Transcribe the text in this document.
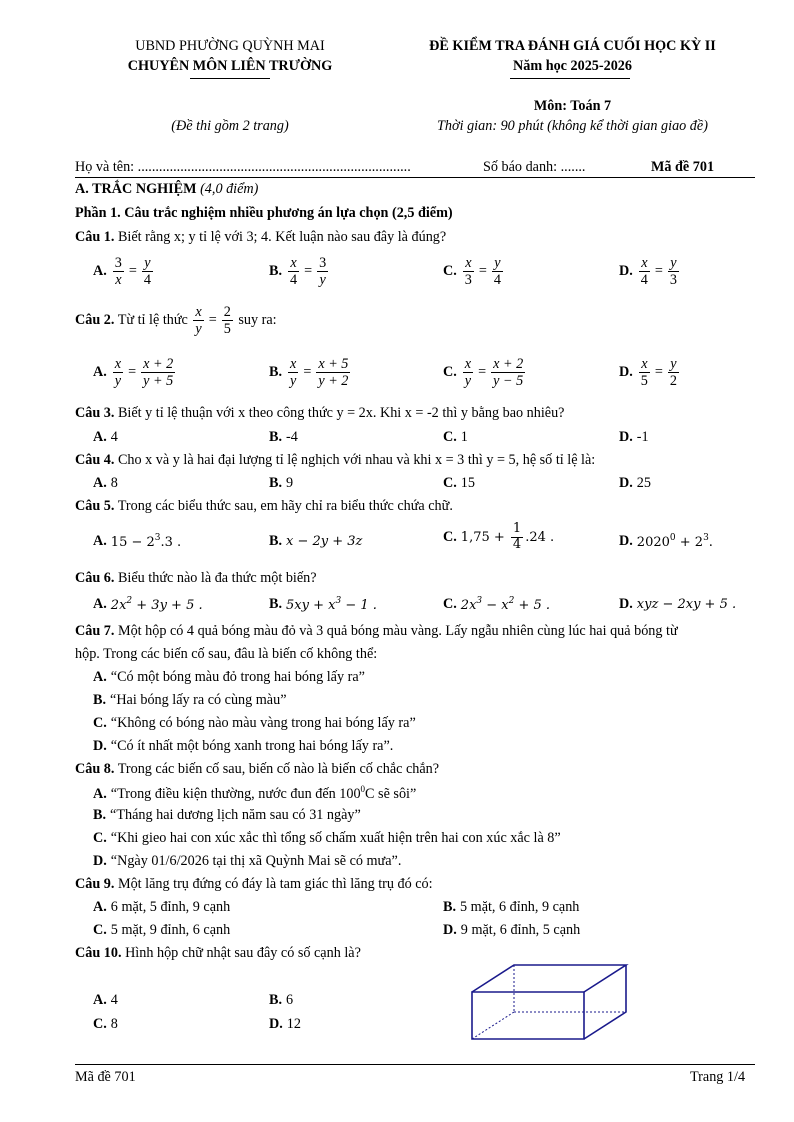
UBND PHƯỜNG QUỲNH MAI
CHUYÊN MÔN LIÊN TRƯỜNG
ĐỀ KIỂM TRA ĐÁNH GIÁ CUỐI HỌC KỲ II
Năm học 2025-2026
Môn: Toán 7
(Đề thi gồm 2 trang)	Thời gian: 90 phút (không kể thời gian giao đề)
Họ và tên: .............................................................................	Số báo danh: .......	Mã đề 701
A. TRẮC NGHIỆM (4,0 điểm)
Phần 1. Câu trắc nghiệm nhiều phương án lựa chọn (2,5 điểm)
Câu 1. Biết rằng x; y tỉ lệ với 3; 4. Kết luận nào sau đây là đúng?
A. $\frac{3}{x} = \frac{y}{4}$	B. $\frac{x}{4} = \frac{3}{y}$	C. $\frac{x}{3} = \frac{y}{4}$	D. $\frac{x}{4} = \frac{y}{3}$
Câu 2. Từ tỉ lệ thức $\frac{x}{y} = \frac{2}{5}$ suy ra:
A. $\frac{x}{y} = \frac{x + 2}{y + 5}$	B. $\frac{x}{y} = \frac{x + 5}{y + 2}$	C. $\frac{x}{y} = \frac{x + 2}{y - 5}$	D. $\frac{x}{5} = \frac{y}{2}$
Câu 3. Biết y tỉ lệ thuận với x theo công thức y = 2x. Khi x = -2 thì y bằng bao nhiêu?
A. 4	B. -4	C. 1	D. -1
Câu 4. Cho x và y là hai đại lượng tỉ lệ nghịch với nhau và khi x = 3 thì y = 5, hệ số tỉ lệ là:
A. 8	B. 9	C. 15	D. 25
Câu 5. Trong các biểu thức sau, em hãy chỉ ra biểu thức chứa chữ.
A. $15 - 2^3.3$ .	B. x − 2y + 3z	C. $1,75 + \frac{1}{4} .24$ .	D. $2020^0 + 2^3$.
Câu 6. Biểu thức nào là đa thức một biến?
A. $2x^2 + 3y + 5$ .	B. $5xy + x^3 - 1$ .	C. $2x^3 - x^2 + 5$ .	D. xyz − 2xy + 5 .
Câu 7. Một hộp có 4 quả bóng màu đỏ và 3 quả bóng màu vàng. Lấy ngẫu nhiên cùng lúc hai quả bóng từ
hộp. Trong các biến cố sau, đâu là biến cố không thể:
A. “Có một bóng màu đỏ trong hai bóng lấy ra”
B. “Hai bóng lấy ra có cùng màu”
C. “Không có bóng nào màu vàng trong hai bóng lấy ra”
D. “Có ít nhất một bóng xanh trong hai bóng lấy ra”.
Câu 8. Trong các biến cố sau, biến cố nào là biến cố chắc chắn?
A. “Trong điều kiện thường, nước đun đến $100^0C$ sẽ sôi”
B. “Tháng hai dương lịch năm sau có 31 ngày”
C. “Khi gieo hai con xúc xắc thì tổng số chấm xuất hiện trên hai con xúc xắc là 8”
D. “Ngày 01/6/2026 tại thị xã Quỳnh Mai sẽ có mưa”.
Câu 9. Một lăng trụ đứng có đáy là tam giác thì lăng trụ đó có:
A. 6 mặt, 5 đỉnh, 9 cạnh	B. 5 mặt, 6 đỉnh, 9 cạnh
C. 5 mặt, 9 đỉnh, 6 cạnh	D. 9 mặt, 6 đỉnh, 5 cạnh
Câu 10. Hình hộp chữ nhật sau đây có số cạnh là?
A. 4	B. 6
C. 8	D. 12
Mã đề 701	Trang 1/4
